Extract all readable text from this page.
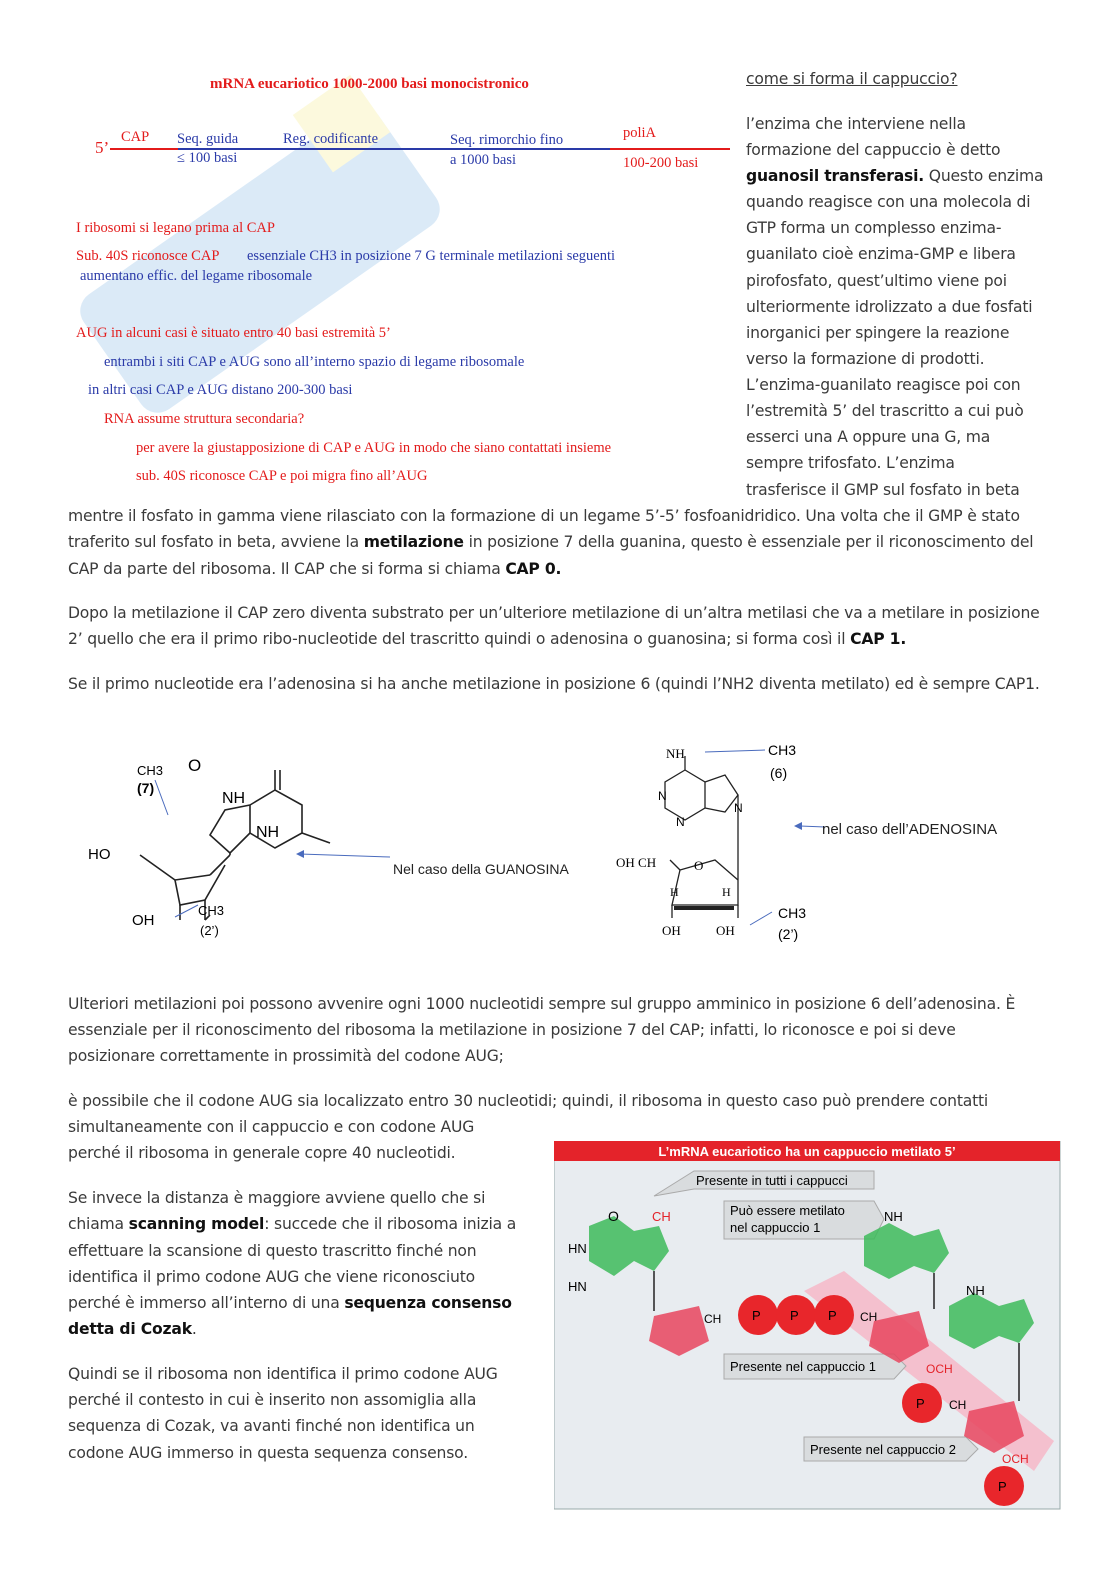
mRNA eucariotico 1000-2000 basi monocistronico
5’
CAP Seq. guida
≤ 100 basi
Reg. codificante	Seq. rimorchio fino
a 1000 basi
poliA
100-200 basi
I ribosomi si legano prima al CAP
Sub. 40S riconosce CAP essenziale CH3 in posizione 7 G terminale metilazioni seguenti
aumentano effic. del legame ribosomale
AUG in alcuni casi è situato entro 40 basi estremità 5’
entrambi i siti CAP e AUG sono all’interno spazio di legame ribosomale
in altri casi CAP e AUG distano 200-300 basi
RNA assume struttura secondaria?
per avere la giustapposizione di CAP e AUG in modo che siano contattati insieme
sub. 40S riconosce CAP e poi migra fino all’AUG
come si forma il cappuccio?
l’enzima che interviene nella
formazione del cappuccio è detto
guanosil transferasi. Questo enzima
quando reagisce con una molecola di
GTP forma un complesso enzima-
guanilato cioè enzima-GMP e libera
pirofosfato, quest’ultimo viene poi
ulteriormente idrolizzato a due fosfati
inorganici per spingere la reazione
verso la formazione di prodotti.
L’enzima-guanilato reagisce poi con
l’estremità 5’ del trascritto a cui può
esserci una A oppure una G, ma
sempre trifosfato. L’enzima
trasferisce il GMP sul fosfato in beta
mentre il fosfato in gamma viene rilasciato con la formazione di un legame 5’-5’ fosfoanidridico. Una volta che il GMP è stato
traferito sul fosfato in beta, avviene la metilazione in posizione 7 della guanina, questo è essenziale per il riconoscimento del
CAP da parte del ribosoma. Il CAP che si forma si chiama CAP 0.
Dopo la metilazione il CAP zero diventa substrato per un’ulteriore metilazione di un’altra metilasi che va a metilare in posizione
2’ quello che era il primo ribo-nucleotide del trascritto quindi o adenosina o guanosina; si forma così il CAP 1.
Se il primo nucleotide era l’adenosina si ha anche metilazione in posizione 6 (quindi l’NH2 diventa metilato) ed è sempre CAP1.
CH3
(7)
O
NH
NH
HO
OH
CH3
(2’)
Nel caso della GUANOSINA
NH	CH3
(6)
N
N
N
OH CH	O
H	H
OH	OH
CH3
(2’)
nel caso dell’ADENOSINA
Ulteriori metilazioni poi possono avvenire ogni 1000 nucleotidi sempre sul gruppo amminico in posizione 6 dell’adenosina. È
essenziale per il riconoscimento del ribosoma la metilazione in posizione 7 del CAP; infatti, lo riconosce e poi si deve
posizionare correttamente in prossimità del codone AUG;
è possibile che il codone AUG sia localizzato entro 30 nucleotidi; quindi, il ribosoma in questo caso può prendere contatti
simultaneamente con il cappuccio e con codone AUG
perché il ribosoma in generale copre 40 nucleotidi.
Se invece la distanza è maggiore avviene quello che si
chiama scanning model: succede che il ribosoma inizia a
effettuare la scansione di questo trascritto finché non
identifica il primo codone AUG che viene riconosciuto
perché è immerso all’interno di una sequenza consenso
detta di Cozak.
Quindi se il ribosoma non identifica il primo codone AUG
perché il contesto in cui è inserito non assomiglia alla
sequenza di Cozak, va avanti finché non identifica un
codone AUG immerso in questa sequenza consenso.
L’mRNA eucariotico ha un cappuccio metilato 5’
Presente in tutti i cappucci
Può essere metilato
nel cappuccio 1
Presente nel cappuccio 1
Presente nel cappuccio 2
O
HN
CH
HN
CH P P P CH
NH
OCH
NH
P CH
OCH
P
